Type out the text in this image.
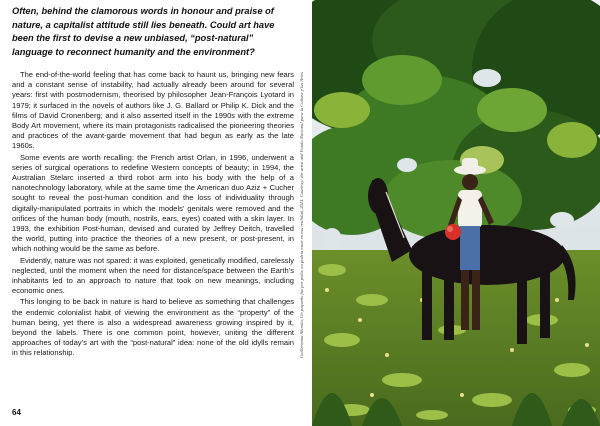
Often, behind the clamorous words in honour and praise of nature, a capitalist attitude still lies beneath. Could art have been the first to devise a new unbiased, “post-natural” language to reconnect humanity and the environment?

The end-of-the-world feeling that has come back to haunt us, bringing new fears and a constant sense of instability, had actually already been around for several years: first with postmodernism, theorised by philosopher Jean-François Lyotard in 1979; it surfaced in the novels of authors like J. G. Ballard or Philip K. Dick and the films of David Cronenberg; and it also asserted itself in the 1990s with the extreme Body Art movement, where its main protagonists radicalised the pioneering theories and practices of the avant-garde movement that had begun as early as the late 1960s.

Some events are worth recalling: the French artist Orlan, in 1996, underwent a series of surgical operations to redefine Western concepts of beauty; in 1994, the Australian Stelarc inserted a third robot arm into his body with the help of a nanotechnology laboratory, while at the same time the American duo Aziz + Cucher sought to reveal the post-human condition and the loss of individuality through digitally-manipulated portraits in which the models’ genitals were removed and the orifices of the human body (mouth, nostrils, ears, eyes) coated with a skin layer. In 1993, the exhibition Post-human, devised and curated by Jeffrey Deitch, travelled the world, putting into practice the theories of a new present, or post-present, in which nothing would be the same as before.

Evidently, nature was not spared: it was exploited, genetically modified, carelessly neglected, until the moment when the need for distance/space between the Earth’s inhabitants led to an approach to nature that took on new meanings, including economic ones.

This longing to be back in nature is hard to believe as something that challenges the endemic colonialist habit of viewing the environment as the “property” of the human being, yet there is also a widespread awareness growing inspired by it, beyond the labels. There is one common point, however, uniting the different approaches of today’s art with the “post-natural” idea: none of the old idylls remain in this relationship.

64
Guillermina Akinola, Un pequeño fue por pedir, no podría estar en esa realidad, 2021. Courtesy: the artist and Fondo Nacional para la Cultura y las Artes
